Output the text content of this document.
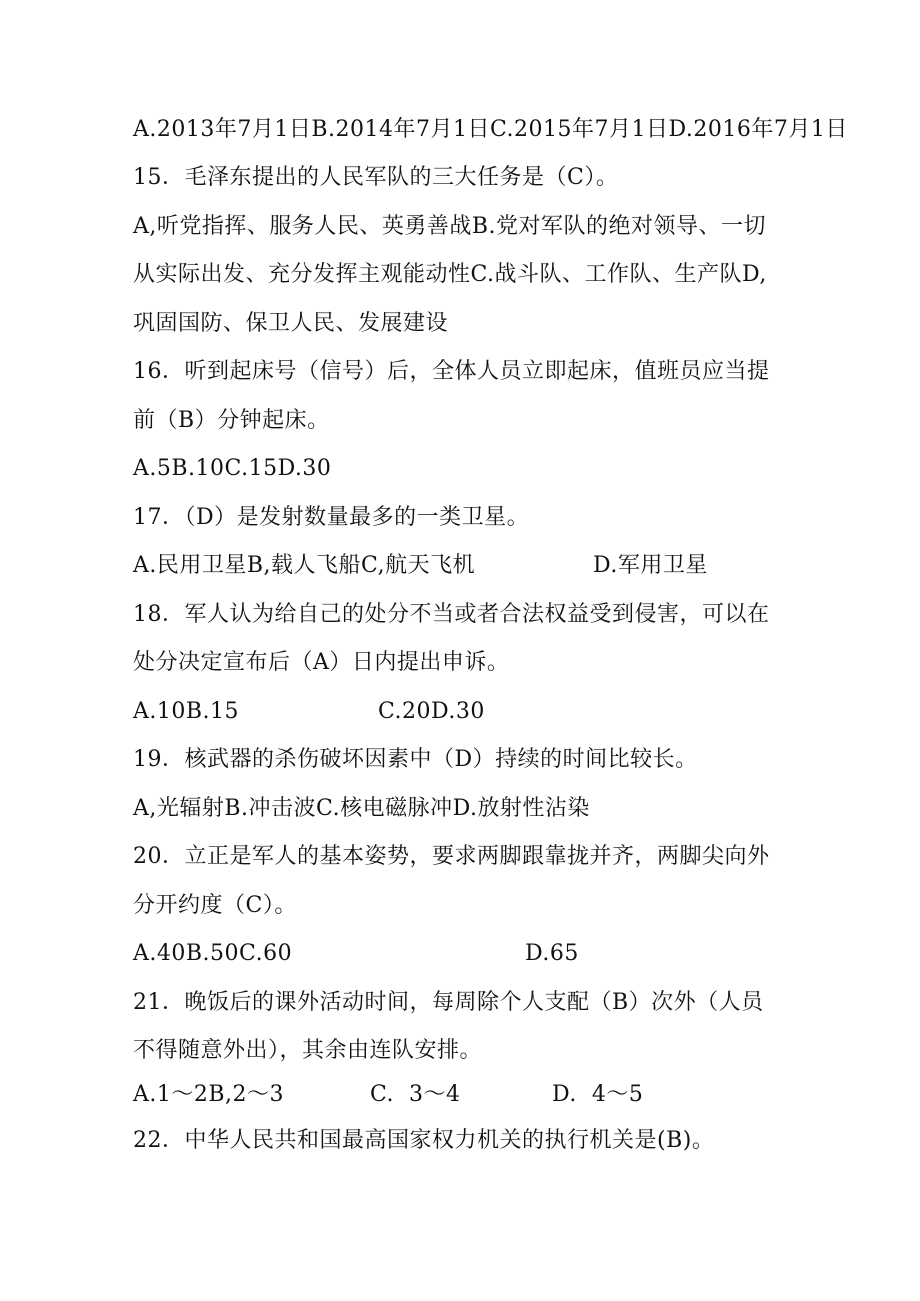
A.2013年7月1日B.2014年7月1日C.2015年7月1日D.2016年7月1日
15．毛泽东提出的人民军队的三大任务是（C）。
A,听党指挥、服务人民、英勇善战B.党对军队的绝对领导、一切
从实际出发、充分发挥主观能动性C.战斗队、工作队、生产队D,
巩固国防、保卫人民、发展建设
16．听到起床号（信号）后，全体人员立即起床，值班员应当提
前（B）分钟起床。
A.5B.10C.15D.30
17．（D）是发射数量最多的一类卫星。
A.民用卫星B,载人飞船C,航天飞机	D.军用卫星
18．军人认为给自己的处分不当或者合法权益受到侵害，可以在
处分决定宣布后（A）日内提出申诉。
A.10B.15	C.20D.30
19．核武器的杀伤破坏因素中（D）持续的时间比较长。
A,光辐射B.冲击波C.核电磁脉冲D.放射性沾染
20．立正是军人的基本姿势，要求两脚跟靠拢并齐，两脚尖向外
分开约度（C）。
A.40B.50C.60	D.65
21．晚饭后的课外活动时间，每周除个人支配（B）次外（人员
不得随意外出），其余由连队安排。
A.1～2B,2～3	C.  3～4	D.  4～5
22．中华人民共和国最高国家权力机关的执行机关是(B)。
